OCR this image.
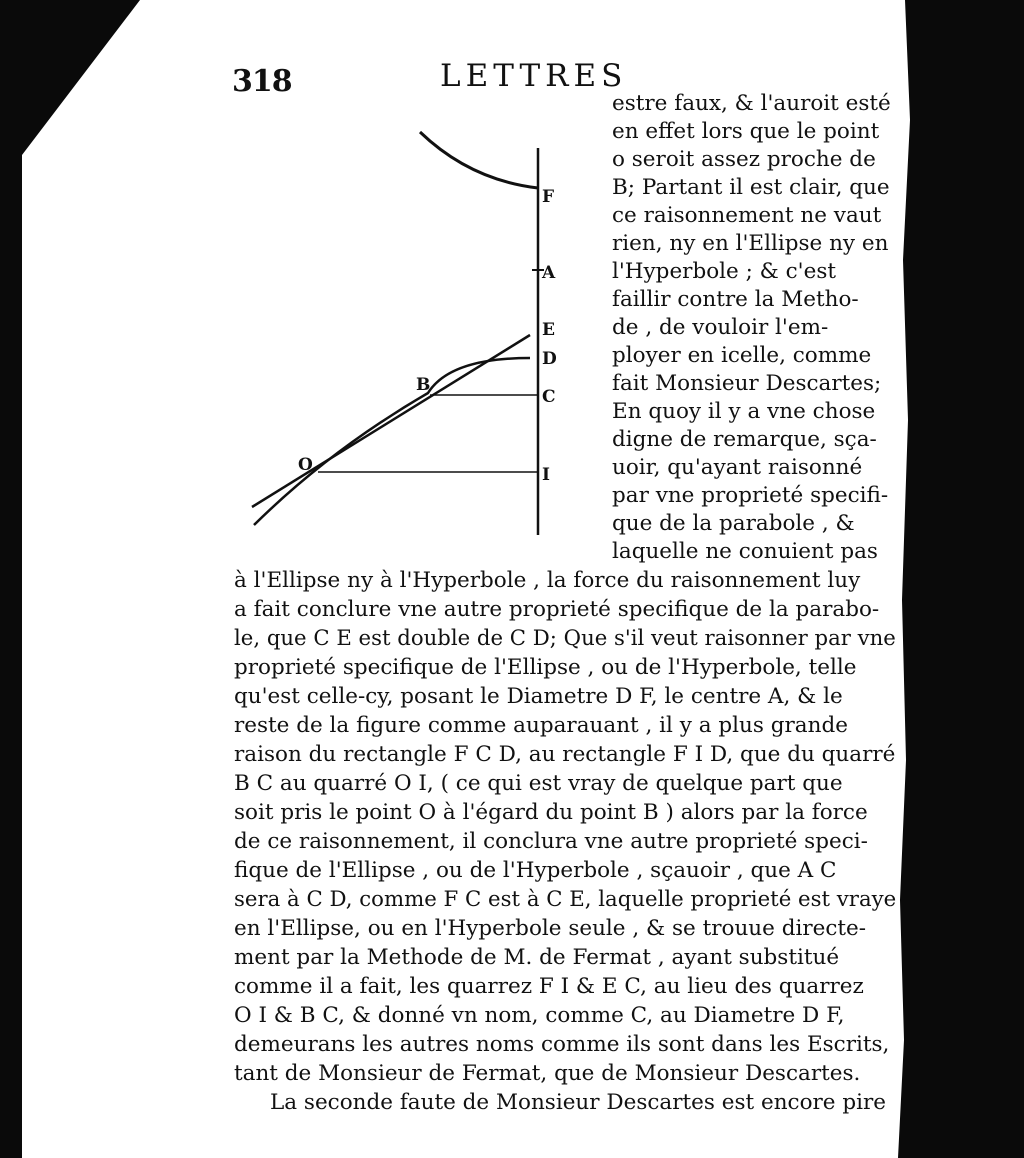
318	LETTRES
F
A
E
D
B
C
O	I
estre faux, & l'auroit esté
en effet lors que le point
o seroit assez proche de
B; Partant il est clair, que
ce raisonnement ne vaut
rien, ny en l'Ellipse ny en
l'Hyperbole ; & c'est
faillir contre la Metho-
de , de vouloir l'em-
ployer en icelle, comme
fait Monsieur Descartes;
En quoy il y a vne chose
digne de remarque, sça-
uoir, qu'ayant raisonné
par vne proprieté specifi-
que de la parabole , &
laquelle ne conuient pas
à l'Ellipse ny à l'Hyperbole , la force du raisonnement luy
a fait conclure vne autre proprieté specifique de la parabo-
le, que C E est double de C D; Que s'il veut raisonner par vne
proprieté specifique de l'Ellipse , ou de l'Hyperbole, telle
qu'est celle-cy, posant le Diametre D F, le centre A, & le
reste de la figure comme auparauant , il y a plus grande
raison du rectangle F C D, au rectangle F I D, que du quarré
B C au quarré O I, ( ce qui est vray de quelque part que
soit pris le point O à l'égard du point B ) alors par la force
de ce raisonnement, il conclura vne autre proprieté speci-
fique de l'Ellipse , ou de l'Hyperbole , sçauoir , que A C
sera à C D, comme F C est à C E, laquelle proprieté est vraye
en l'Ellipse, ou en l'Hyperbole seule , & se trouue directe-
ment par la Methode de M. de Fermat , ayant substitué
comme il a fait, les quarrez F I & E C, au lieu des quarrez
O I & B C, & donné vn nom, comme C, au Diametre D F,
demeurans les autres noms comme ils sont dans les Escrits,
tant de Monsieur de Fermat, que de Monsieur Descartes.
La seconde faute de Monsieur Descartes est encore pire
